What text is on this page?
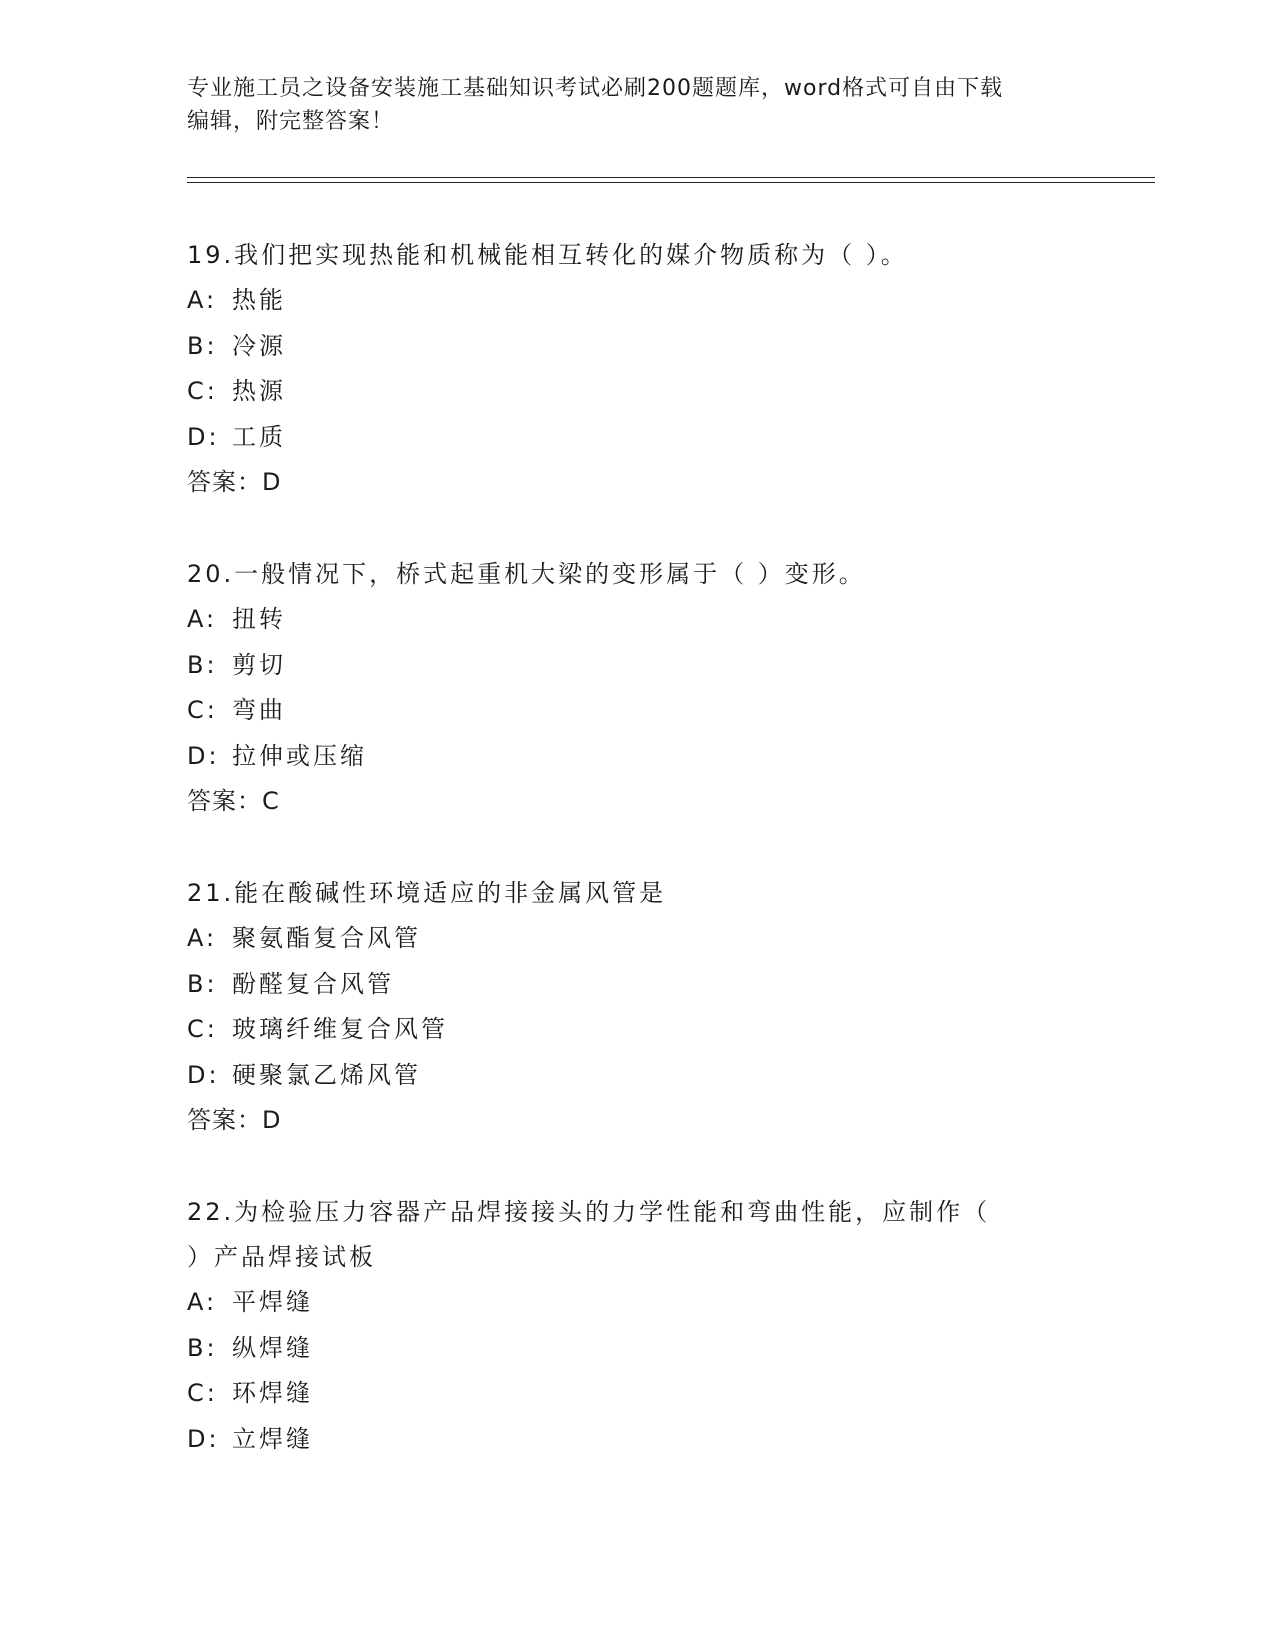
专业施工员之设备安装施工基础知识考试必刷200题题库，word格式可自由下载
编辑，附完整答案！

19.我们把实现热能和机械能相互转化的媒介物质称为（ ）。

A: 热能

B: 冷源

C: 热源

D: 工质

答案：D

20.一般情况下，桥式起重机大梁的变形属于（ ）变形。

A: 扭转

B: 剪切

C: 弯曲

D: 拉伸或压缩

答案：C

21.能在酸碱性环境适应的非金属风管是

A: 聚氨酯复合风管

B: 酚醛复合风管

C: 玻璃纤维复合风管

D: 硬聚氯乙烯风管

答案：D

22.为检验压力容器产品焊接接头的力学性能和弯曲性能，应制作（

）产品焊接试板

A: 平焊缝

B: 纵焊缝

C: 环焊缝

D: 立焊缝
